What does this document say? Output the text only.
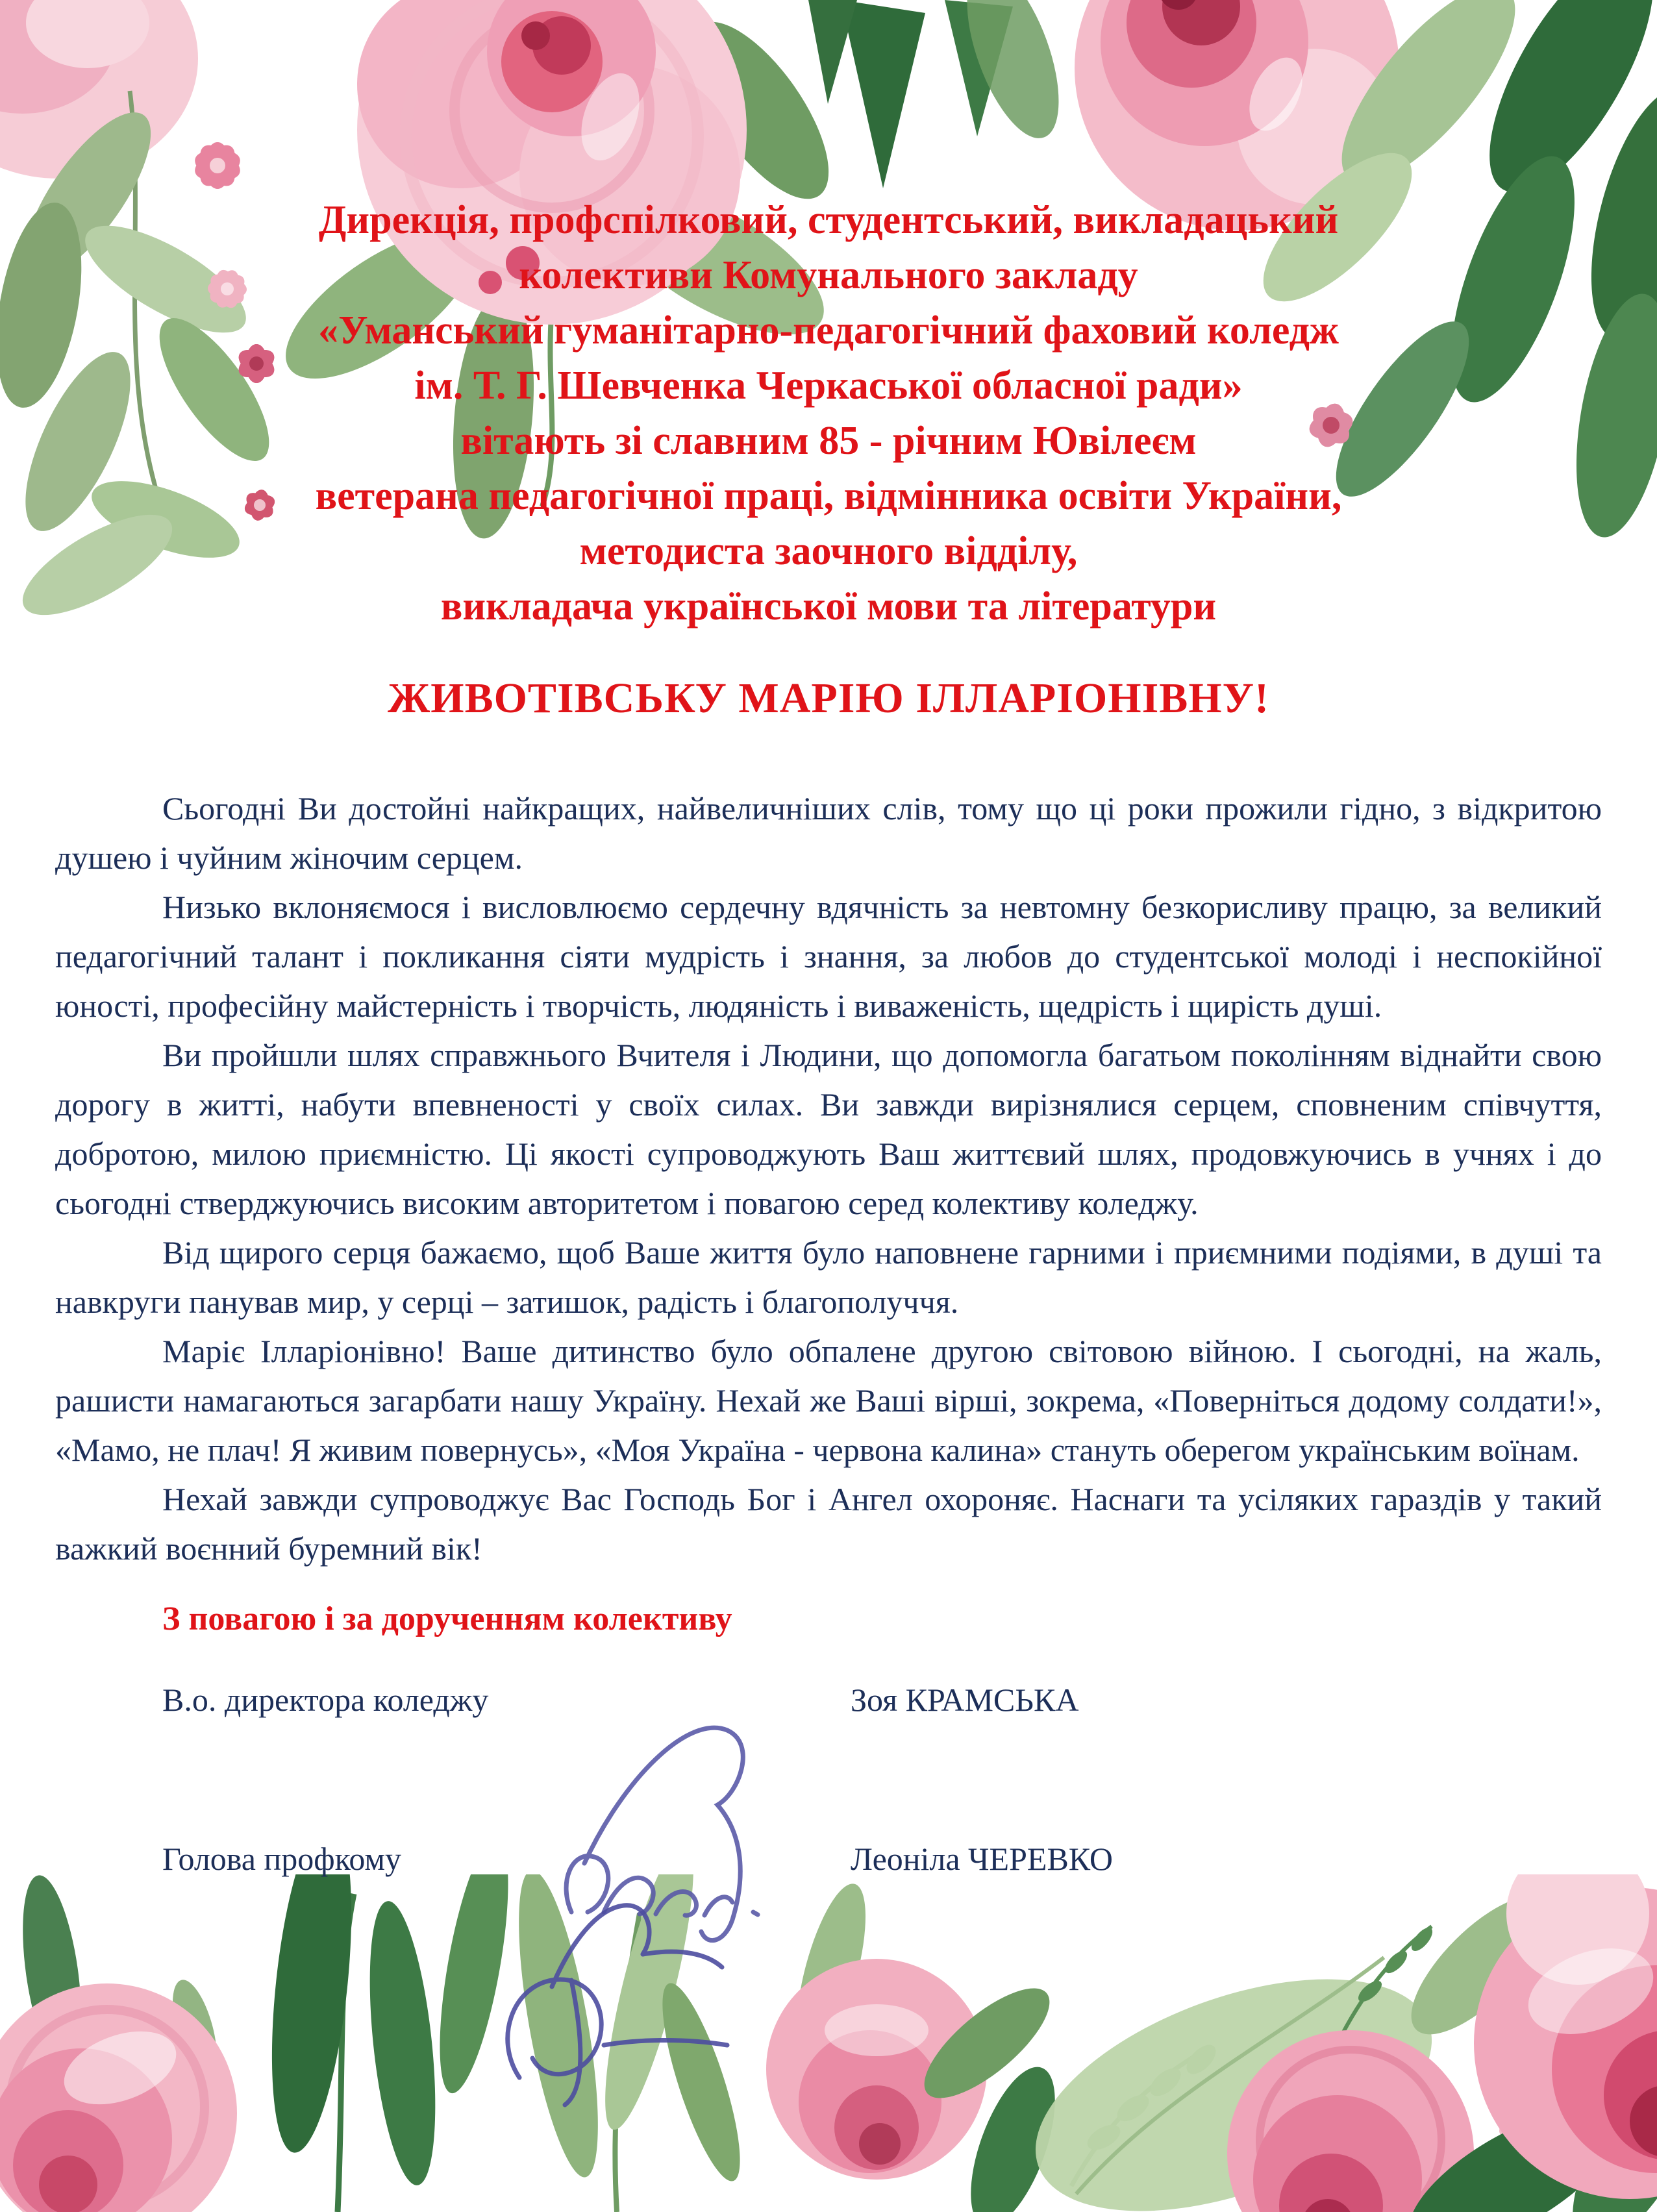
Дирекція, профспілковий, студентський, викладацький
колективи Комунального закладу
«Уманський гуманітарно-педагогічний фаховий коледж
ім. Т. Г. Шевченка Черкаської обласної ради»
вітають зі славним 85 - річним Ювілеєм
ветерана педагогічної праці, відмінника освіти України,
методиста заочного відділу,
викладача української мови та літератури
ЖИВОТІВСЬКУ МАРІЮ ІЛЛАРІОНІВНУ!

Сьогодні Ви достойні найкращих, найвеличніших слів, тому що ці роки прожили гідно, з відкритою душею і чуйним жіночим серцем.

Низько вклоняємося і висловлюємо сердечну вдячність за невтомну безкорисливу працю, за великий педагогічний талант і покликання сіяти мудрість і знання, за любов до студентської молоді і неспокійної юності, професійну майстерність і творчість, людяність і виваженість, щедрість і щирість душі.

Ви пройшли шлях справжнього Вчителя і Людини, що допомогла багатьом поколінням віднайти свою дорогу в житті, набути впевненості у своїх силах. Ви завжди вирізнялися серцем, сповненим співчуття, добротою, милою приємністю. Ці якості супроводжують Ваш життєвий шлях, продовжуючись в учнях і до сьогодні стверджуючись високим авторитетом і повагою серед колективу коледжу.

Від щирого серця бажаємо, щоб Ваше життя було наповнене гарними і приємними подіями, в душі та навкруги панував мир, у серці – затишок, радість і благополуччя.

Маріє Ілларіонівно! Ваше дитинство було обпалене другою світовою війною. І сьогодні, на жаль, рашисти намагаються загарбати нашу Україну. Нехай же Ваші вірші, зокрема, «Поверніться додому солдати!», «Мамо, не плач! Я живим повернусь», «Моя Україна - червона калина» стануть оберегом українським воїнам.

Нехай завжди супроводжує Вас Господь Бог і Ангел охороняє. Наснаги та усіляких гараздів у такий важкий воєнний буремний вік!

З повагою і за дорученням колективу
В.о. директора коледжу	Зоя КРАМСЬКА
Голова профкому	Леоніла ЧЕРЕВКО
